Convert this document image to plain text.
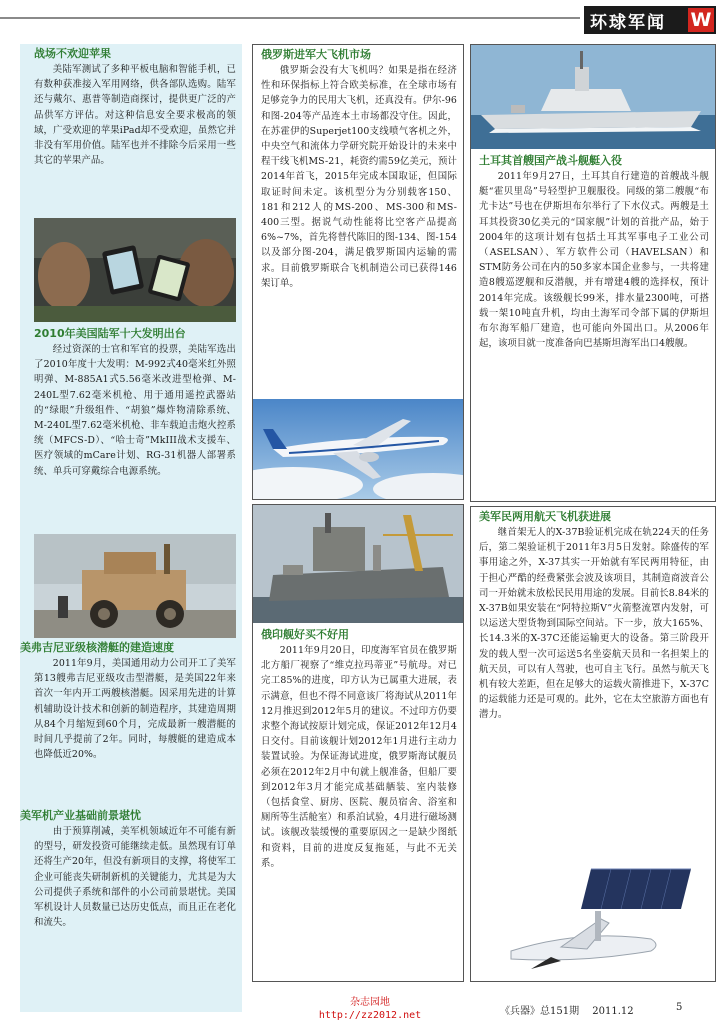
环球军闻	W
战场不欢迎苹果

美陆军测试了多种平板电脑和智能手机，已有数种获准接入军用网络，供各部队选购。陆军还与戴尔、惠普等制造商探讨，提供更广泛的产品供军方评估。对这种信息安全要求极高的领域，广受欢迎的苹果iPad却不受欢迎，虽然它并非没有军用价值。陆军也并不排除今后采用一些其它的苹果产品。

2010年美国陆军十大发明出台

经过资深的士官和军官的投票，美陆军选出了2010年度十大发明：M-992式40毫米红外照明弹、M-885A1式5.56毫米改进型枪弹、M-240L型7.62毫米机枪、用于通用遥控武器站的“绿眼”升级组件、“胡狼”爆炸物清除系统、M-240L型7.62毫米机枪、非车载迫击炮火控系统（MFCS-D）、“哈士奇”MkIII战术支援车、医疗领域的mCare计划、RG-31机器人部署系统、单兵可穿戴综合电源系统。

美弗吉尼亚级核潜艇的建造速度

2011年9月，美国通用动力公司开工了美军第13艘弗吉尼亚级攻击型潜艇，是美国22年来首次一年内开工两艘核潜艇。因采用先进的计算机辅助设计技术和创新的制造程序，其建造周期从84个月缩短到60个月，完成最新一艘潜艇的时间几乎提前了2年。同时，每艘艇的建造成本也降低近20%。

美军机产业基础前景堪忧

由于预算削减，美军机领域近年不可能有新的型号，研发投资可能继续走低。虽然现有订单还将生产20年，但没有新项目的支撑，将使军工企业可能丧失研制新机的关键能力，尤其是为大公司提供子系统和部件的小公司前景堪忧。美国军机设计人员数量已达历史低点，而且正在老化和流失。

俄罗斯进军大飞机市场

俄罗斯会没有大飞机吗？如果是指在经济性和环保指标上符合欧美标准，在全球市场有足够竞争力的民用大飞机，还真没有。伊尔-96和图-204等产品连本土市场都没守住。因此，在苏霍伊的Superjet100支线喷气客机之外，中央空气和流体力学研究院开始设计的未来中程干线飞机MS-21，耗资约需59亿美元，预计2014年首飞，2015年完成本国取证，但国际取证时间未定。该机型分为分别载客150、181和212人的MS-200、MS-300和MS-400三型。据说气动性能将比空客产品提高6%~7%，首先将替代陈旧的图-134、图-154以及部分图-204，满足俄罗斯国内运输的需求。目前俄罗斯联合飞机制造公司已获得146架订单。

俄印舰好买不好用

2011年9月20日，印度海军官员在俄罗斯北方船厂视察了“维克拉玛蒂亚”号航母。对已完工85%的进度，印方认为已属重大进展，表示满意，但也不得不同意该厂将海试从2011年12月推迟到2012年5月的建议。不过印方仍要求整个海试按原计划完成，保证2012年12月4日交付。目前该舰计划2012年1月进行主动力装置试验。为保证海试进度，俄罗斯海试舰员必须在2012年2月中旬就上舰准备，但船厂要到2012年3月才能完成基础舾装、室内装修（包括食堂、厨房、医院、舰员宿舍、浴室和厕所等生活舱室）和系泊试验，4月进行磁场测试。该舰改装缓慢的重要原因之一是缺少图纸和资料，目前的进度反复拖延，与此不无关系。

土耳其首艘国产战斗舰艇入役

2011年9月27日，土耳其自行建造的首艘战斗舰艇“霍贝里岛”号轻型护卫舰服役。同级的第二艘舰“布尤卡达”号也在伊斯坦布尔举行了下水仪式。两艘是土耳其投资30亿美元的“国家舰”计划的首批产品，始于2004年的这项计划有包括土耳其军事电子工业公司（ASELSAN）、军方软件公司（HAVELSAN）和STM防务公司在内的50多家本国企业参与，一共将建造8艘巡逻舰和反潜舰，并有增建4艘的选择权，预计2014年完成。该级舰长99米，排水量2300吨，可搭载一架10吨直升机，均由土海军司令部下属的伊斯坦布尔海军船厂建造，也可能向外国出口。从2006年起，该项目就一度准备向巴基斯坦海军出口4艘舰。

美军民两用航天飞机获进展

继首架无人的X-37B验证机完成在轨224天的任务后，第二架验证机于2011年3月5日发射。除盛传的军事用途之外，X-37其实一开始就有军民两用特征，由于担心严酷的经费紧张会波及该项目，其制造商波音公司一开始就未放松民民用用途的发展。目前长8.84米的X-37B如果安装在“阿特拉斯V”火箭整流罩内发射，可以运送大型货物到国际空间站。下一步，放大165%、长14.3米的X-37C还能运输更大的设备。第三阶段开发的载人型一次可运送5名坐姿航天员和一名担架上的航天员，可以有人驾驶，也可自主飞行。虽然与航天飞机有较大差距，但在足够大的运载火箭推进下，X-37C的运载能力还是可观的。此外，它在太空旅游方面也有潜力。

杂志园地
http://zz2012.net	《兵器》总151期 2011.12	5
